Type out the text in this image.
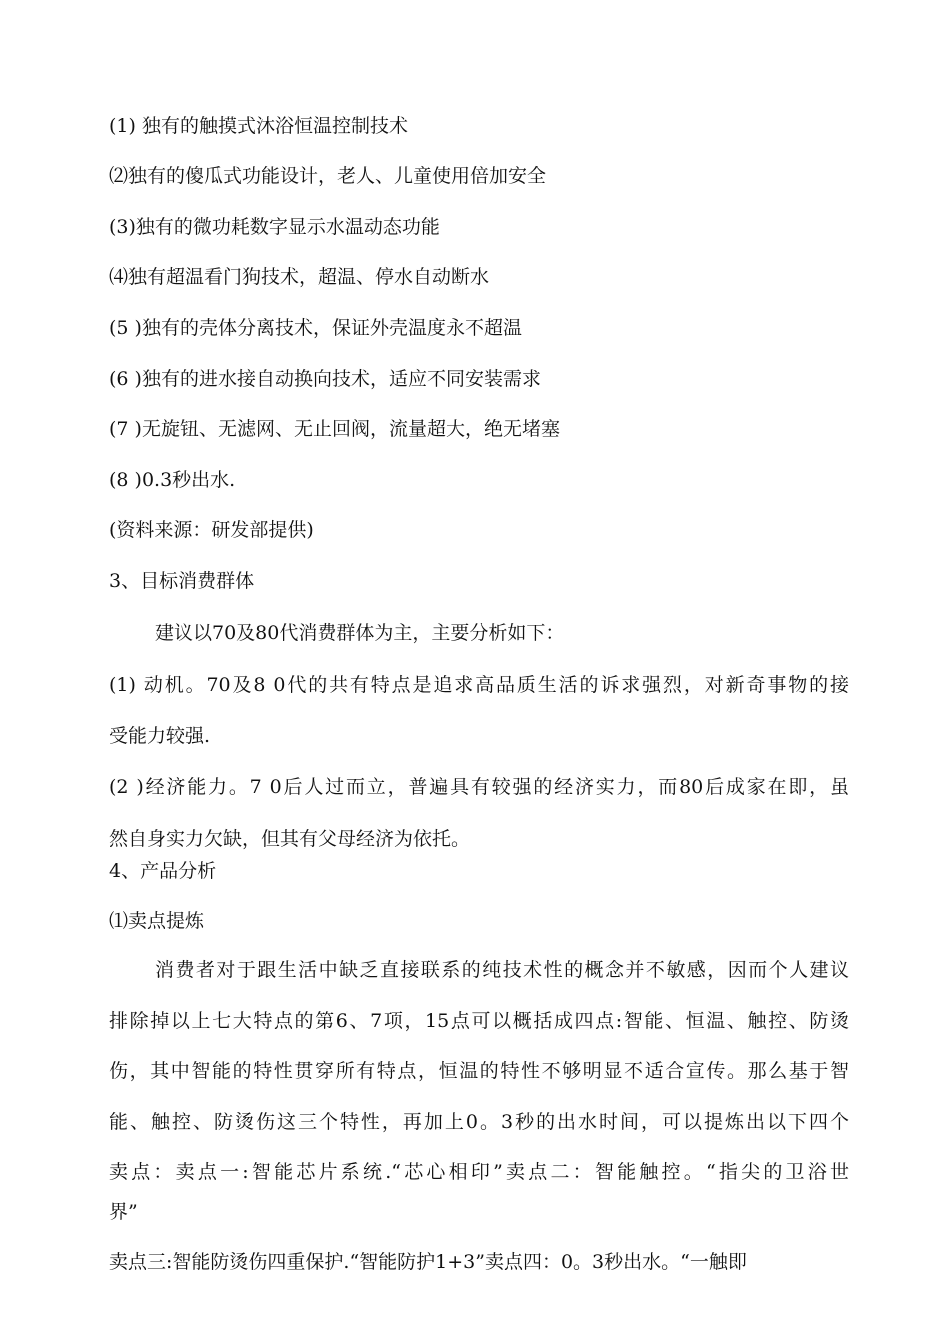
(1) 独有的触摸式沐浴恒温控制技术
⑵独有的傻瓜式功能设计，老人、儿童使用倍加安全
(3)独有的微功耗数字显示水温动态功能
⑷独有超温看门狗技术，超温、停水自动断水
(5 )独有的壳体分离技术，保证外壳温度永不超温
(6 )独有的进水接自动换向技术，适应不同安装需求
(7 )无旋钮、无滤网、无止回阀，流量超大，绝无堵塞
(8 )0.3秒出水.
(资料来源：研发部提供)
3、目标消费群体
建议以70及80代消费群体为主，主要分析如下：
(1) 动机。70及8 0代的共有特点是追求高品质生活的诉求强烈，对新奇事物的接
受能力较强.
(2 )经济能力。7 0后人过而立，普遍具有较强的经济实力，而80后成家在即，虽
然自身实力欠缺，但其有父母经济为依托。
4、产品分析
⑴卖点提炼
消费者对于跟生活中缺乏直接联系的纯技术性的概念并不敏感，因而个人建议
排除掉以上七大特点的第6、7项，15点可以概括成四点:智能、恒温、触控、防烫
伤，其中智能的特性贯穿所有特点，恒温的特性不够明显不适合宣传。那么基于智
能、触控、防烫伤这三个特性，再加上0。3秒的出水时间，可以提炼出以下四个
卖点：卖点一:智能芯片系统.“芯心相印”卖点二：智能触控。“指尖的卫浴世
界”
卖点三:智能防烫伤四重保护.“智能防护1+3”卖点四：0。3秒出水。“一触即
